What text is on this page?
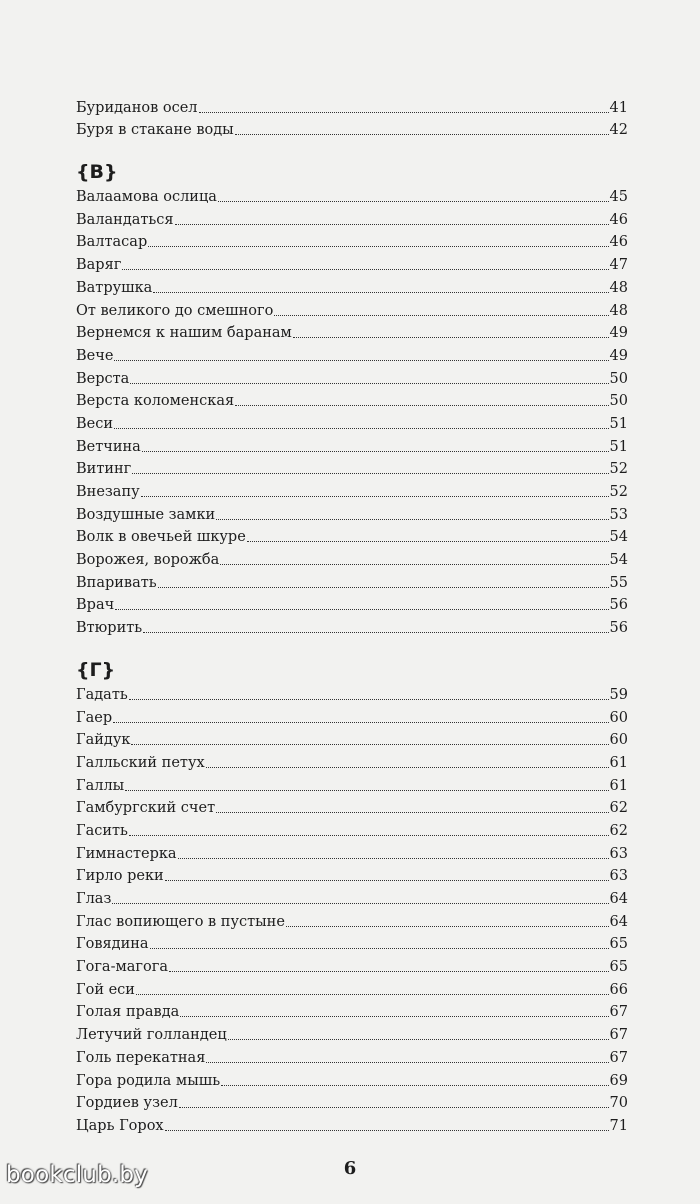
Буриданов осел	41
Буря в стакане воды	42
{В}
Валаамова ослица	45
Валандаться	46
Валтасар	46
Варяг	47
Ватрушка	48
От великого до смешного	48
Вернемся к нашим баранам	49
Вече	49
Верста	50
Верста коломенская	50
Веси	51
Ветчина	51
Витинг	52
Внезапу	52
Воздушные замки	53
Волк в овечьей шкуре	54
Ворожея, ворожба	54
Впаривать	55
Врач	56
Втюрить	56
{Г}
Гадать	59
Гаер	60
Гайдук	60
Галльский петух	61
Галлы	61
Гамбургский счет	62
Гасить	62
Гимнастерка	63
Гирло реки	63
Глаз	64
Глас вопиющего в пустыне	64
Говядина	65
Гога-магога	65
Гой еси	66
Голая правда	67
Летучий голландец	67
Голь перекатная	67
Гора родила мышь	69
Гордиев узел	70
Царь Горох	71
6
bookclub.by
